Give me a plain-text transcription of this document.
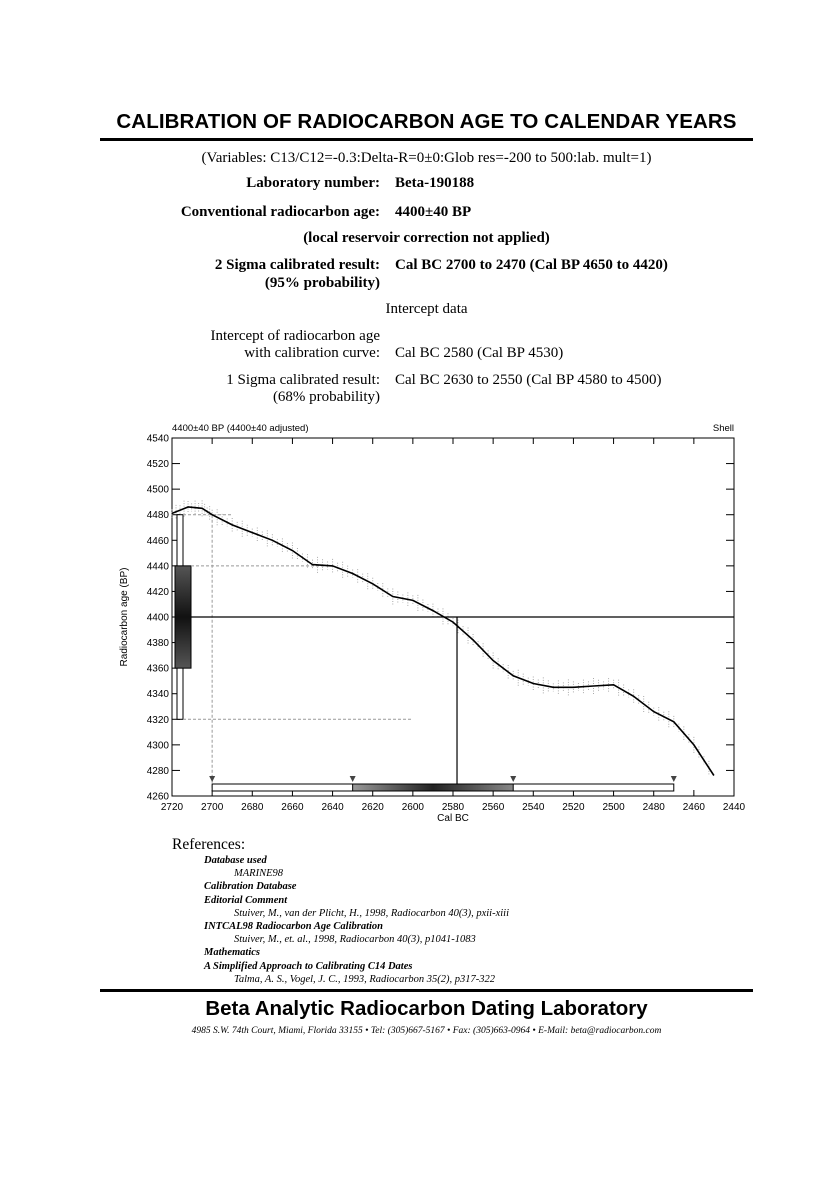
CALIBRATION OF RADIOCARBON AGE TO CALENDAR YEARS
(Variables: C13/C12=-0.3:Delta-R=0±0:Glob res=-200 to 500:lab. mult=1)
Laboratory number: Beta-190188
Conventional radiocarbon age: 4400±40 BP
(local reservoir correction not applied)
2 Sigma calibrated result:
(95% probability)
Cal BC 2700 to 2470 (Cal BP 4650 to 4420)
Intercept data
Intercept of radiocarbon age
with calibration curve: Cal BC 2580 (Cal BP 4530)
1 Sigma calibrated result:
(68% probability)
Cal BC 2630 to 2550 (Cal BP 4580 to 4500)
4400±40 BP (4400±40 adjusted)	Shell
4260
4280
4300
4320
4340
4360
4380
4400
4420
4440
4460
4480
4500
4520
4540
2720 2700 2680 2660 2640 2620 2600 2580 2560 2540 2520 2500 2480 2460 2440
Cal BC
Radiocarbon age (BP)
References:
Database used
MARINE98
Calibration Database
Editorial Comment
Stuiver, M., van der Plicht, H., 1998, Radiocarbon 40(3), pxii-xiii
INTCAL98 Radiocarbon Age Calibration
Stuiver, M., et. al., 1998, Radiocarbon 40(3), p1041-1083
Mathematics
A Simplified Approach to Calibrating C14 Dates
Talma, A. S., Vogel, J. C., 1993, Radiocarbon 35(2), p317-322
Beta Analytic Radiocarbon Dating Laboratory
4985 S.W. 74th Court, Miami, Florida 33155 • Tel: (305)667-5167 • Fax: (305)663-0964 • E-Mail: beta@radiocarbon.com
